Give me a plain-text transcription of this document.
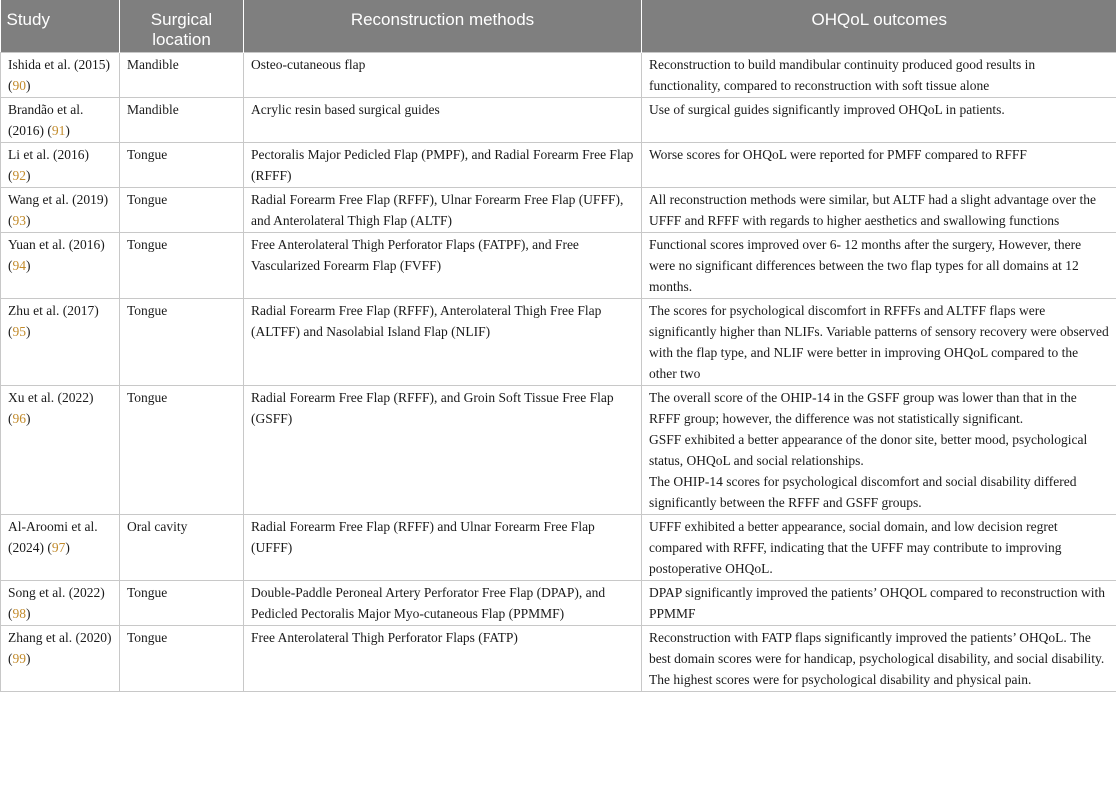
Study	Surgical location	Reconstruction methods	OHQoL outcomes
Ishida et al. (2015) (90)	Mandible	Osteo-cutaneous flap	Reconstruction to build mandibular continuity produced good results in functionality, compared to reconstruction with soft tissue alone

Brandão et al. (2016) (91)	Mandible	Acrylic resin based surgical guides	Use of surgical guides significantly improved OHQoL in patients.

Li et al. (2016) (92)	Tongue	Pectoralis Major Pedicled Flap (PMPF), and Radial Forearm Free Flap (RFFF)	Worse scores for OHQoL were reported for PMFF compared to RFFF

Wang et al. (2019) (93)	Tongue	Radial Forearm Free Flap (RFFF), Ulnar Forearm Free Flap (UFFF), and Anterolateral Thigh Flap (ALTF)	All reconstruction methods were similar, but ALTF had a slight advantage over the UFFF and RFFF with regards to higher aesthetics and swallowing functions

Yuan et al. (2016) (94)	Tongue	Free Anterolateral Thigh Perforator Flaps (FATPF), and Free Vascularized Forearm Flap (FVFF)	Functional scores improved over 6- 12 months after the surgery, However, there were no significant differences between the two flap types for all domains at 12 months.

Zhu et al. (2017) (95)	Tongue	Radial Forearm Free Flap (RFFF), Anterolateral Thigh Free Flap (ALTFF) and Nasolabial Island Flap (NLIF)	The scores for psychological discomfort in RFFFs and ALTFF flaps were significantly higher than NLIFs. Variable patterns of sensory recovery were observed with the flap type, and NLIF were better in improving OHQoL compared to the other two

Xu et al. (2022) (96)	Tongue	Radial Forearm Free Flap (RFFF), and Groin Soft Tissue Free Flap (GSFF)	The overall score of the OHIP-14 in the GSFF group was lower than that in the RFFF group; however, the difference was not statistically significant.
GSFF exhibited a better appearance of the donor site, better mood, psychological status, OHQoL and social relationships.
The OHIP-14 scores for psychological discomfort and social disability differed significantly between the RFFF and GSFF groups.

Al-Aroomi et al. (2024) (97)	Oral cavity	Radial Forearm Free Flap (RFFF) and Ulnar Forearm Free Flap (UFFF)	UFFF exhibited a better appearance, social domain, and low decision regret compared with RFFF, indicating that the UFFF may contribute to improving postoperative OHQoL.

Song et al. (2022) (98)	Tongue	Double-Paddle Peroneal Artery Perforator Free Flap (DPAP), and Pedicled Pectoralis Major Myo-cutaneous Flap (PPMMF)	DPAP significantly improved the patients’ OHQOL compared to reconstruction with PPMMF

Zhang et al. (2020) (99)	Tongue	Free Anterolateral Thigh Perforator Flaps (FATP)	Reconstruction with FATP flaps significantly improved the patients’ OHQoL. The best domain scores were for handicap, psychological disability, and social disability. The highest scores were for psychological disability and physical pain.
